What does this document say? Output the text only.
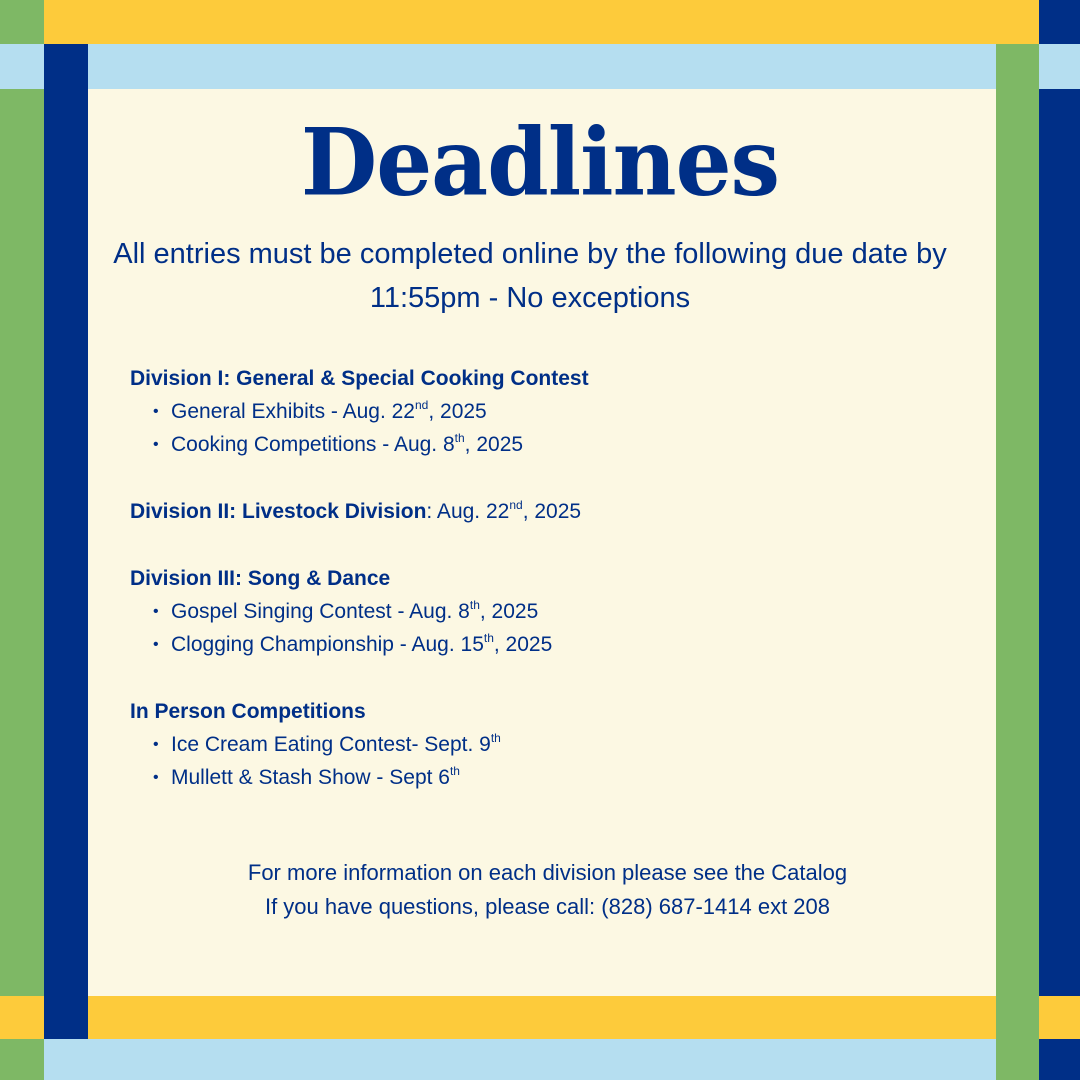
Deadlines
All entries must be completed online by the following due date by 11:55pm - No exceptions
Division I: General & Special Cooking Contest
• General Exhibits - Aug. 22nd, 2025
• Cooking Competitions - Aug. 8th, 2025
Division II: Livestock Division: Aug. 22nd, 2025
Division III: Song & Dance
• Gospel Singing Contest - Aug. 8th, 2025
• Clogging Championship - Aug. 15th, 2025
In Person Competitions
• Ice Cream Eating Contest- Sept. 9th
• Mullett & Stash Show - Sept 6th
For more information on each division please see the Catalog
If you have questions, please call: (828) 687-1414 ext 208
